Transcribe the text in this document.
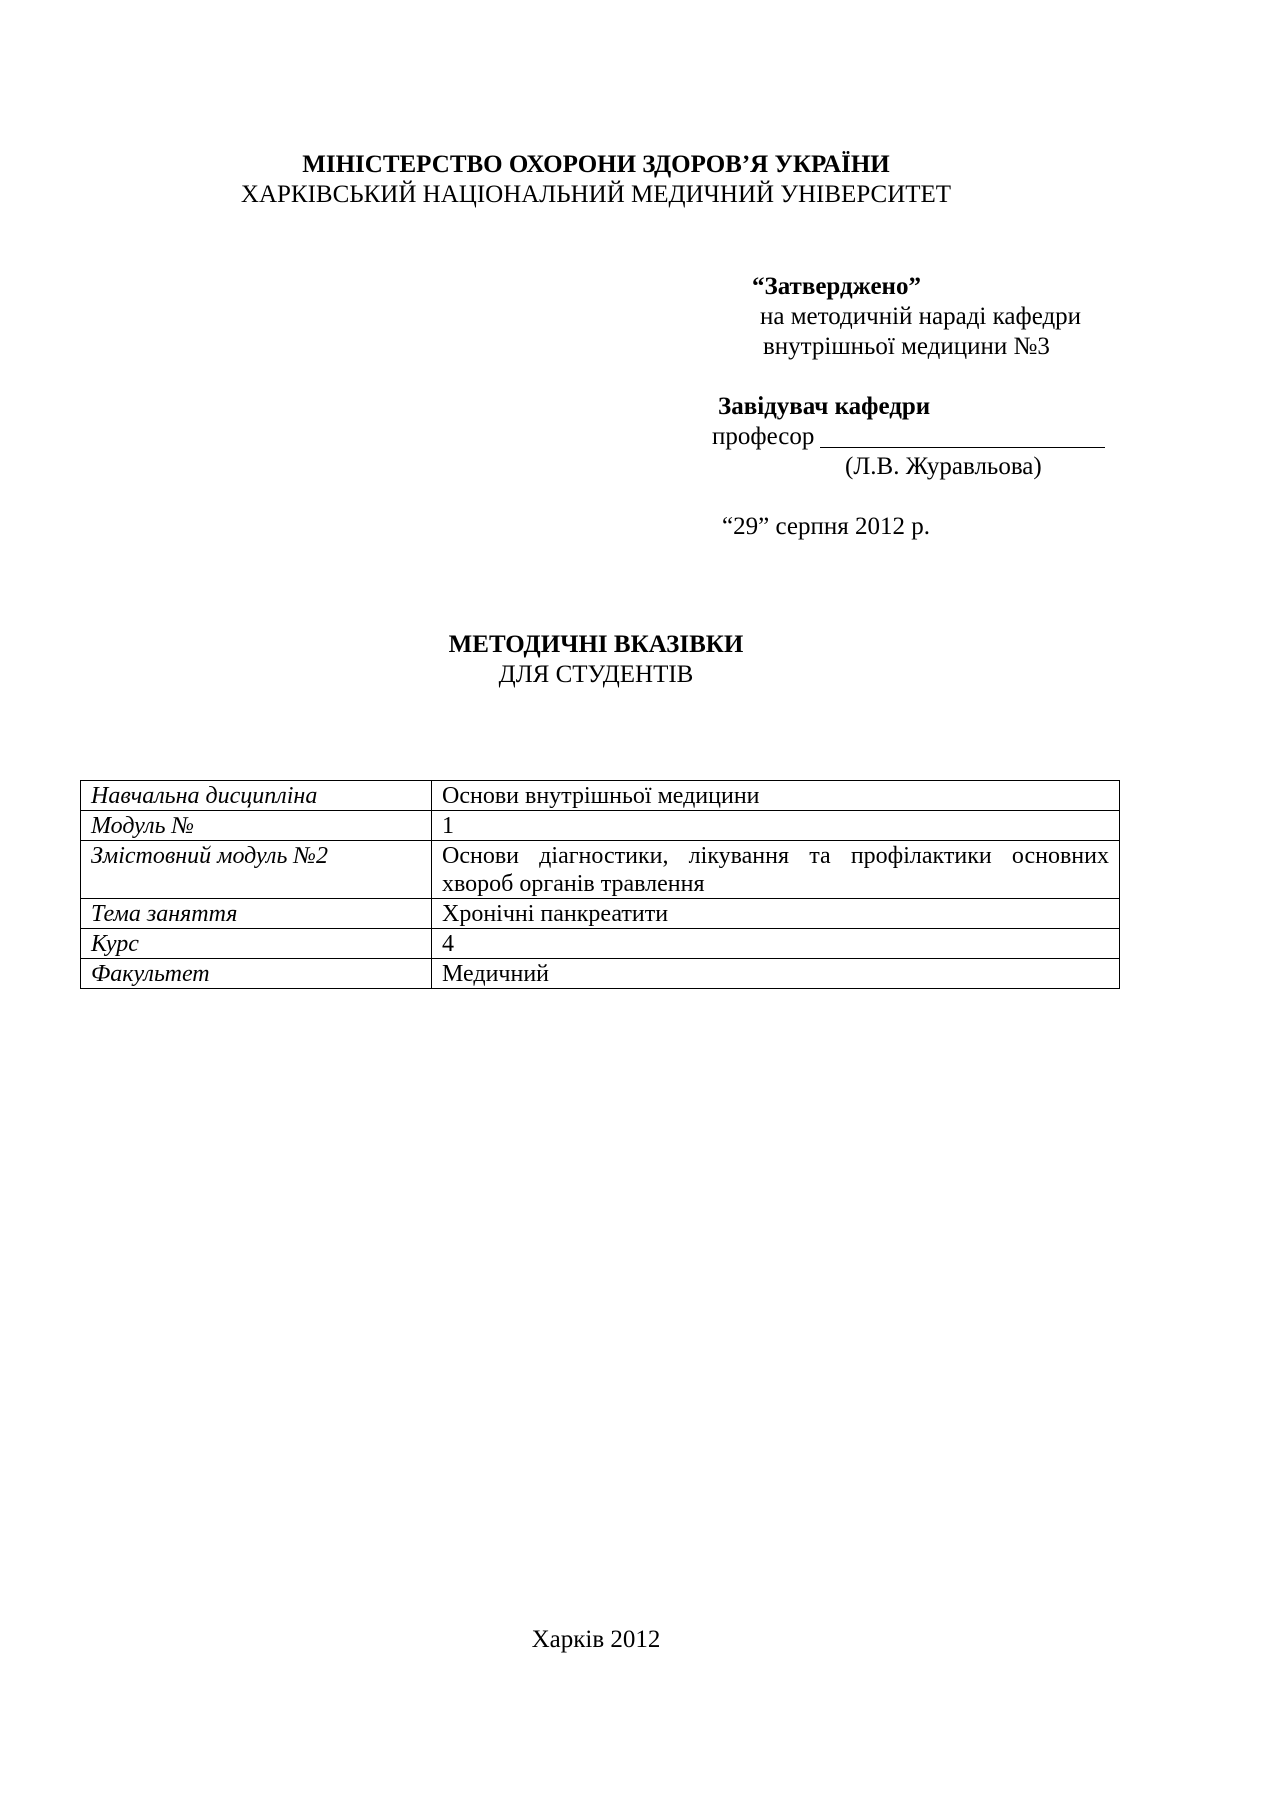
МІНІСТЕРСТВО ОХОРОНИ ЗДОРОВ’Я УКРАЇНИ
ХАРКІВСЬКИЙ НАЦІОНАЛЬНИЙ МЕДИЧНИЙ УНІВЕРСИТЕТ
“Затверджено”
на методичній нараді кафедри
внутрішньої медицини №3
Завідувач кафедри
професор
(Л.В. Журавльова)
“29” серпня 2012 р.
МЕТОДИЧНІ ВКАЗІВКИ
ДЛЯ СТУДЕНТІВ
Навчальна дисципліна	Основи внутрішньої медицини
Модуль №	1
Змістовний модуль №2	Основи діагностики, лікування та профілактики основних хвороб органів травлення
Тема заняття	Хронічні панкреатити
Курс	4
Факультет	Медичний
Харків 2012
